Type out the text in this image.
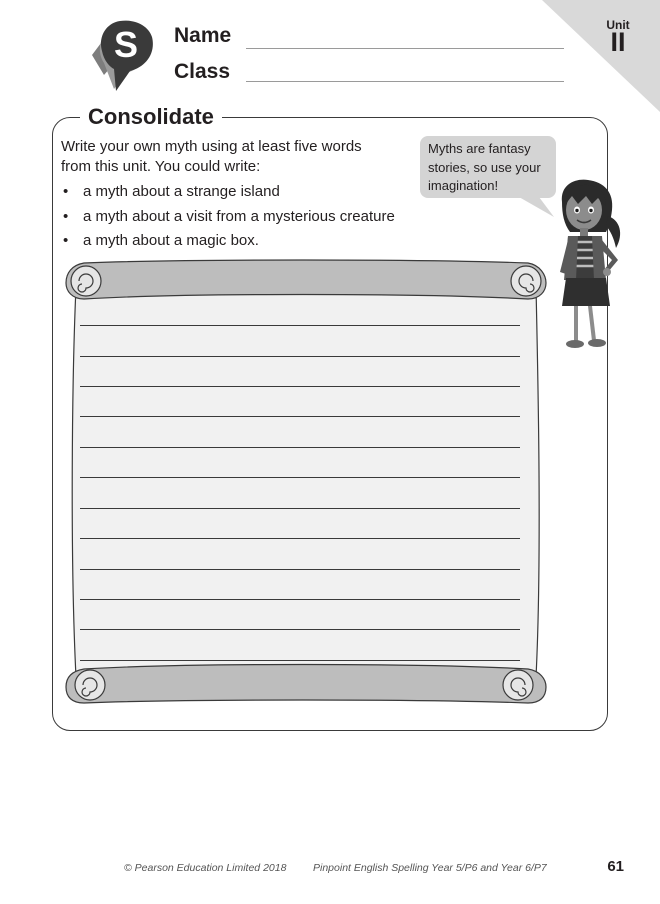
S Name
Class
Unit
II
Consolidate
Write your own myth using at least five words
from this unit. You could write:
• a myth about a strange island
• a myth about a visit from a mysterious creature
• a myth about a magic box.
Myths are fantasy
stories, so use your
imagination!
© Pearson Education Limited 2018	Pinpoint English Spelling Year 5/P6 and Year 6/P7	61
